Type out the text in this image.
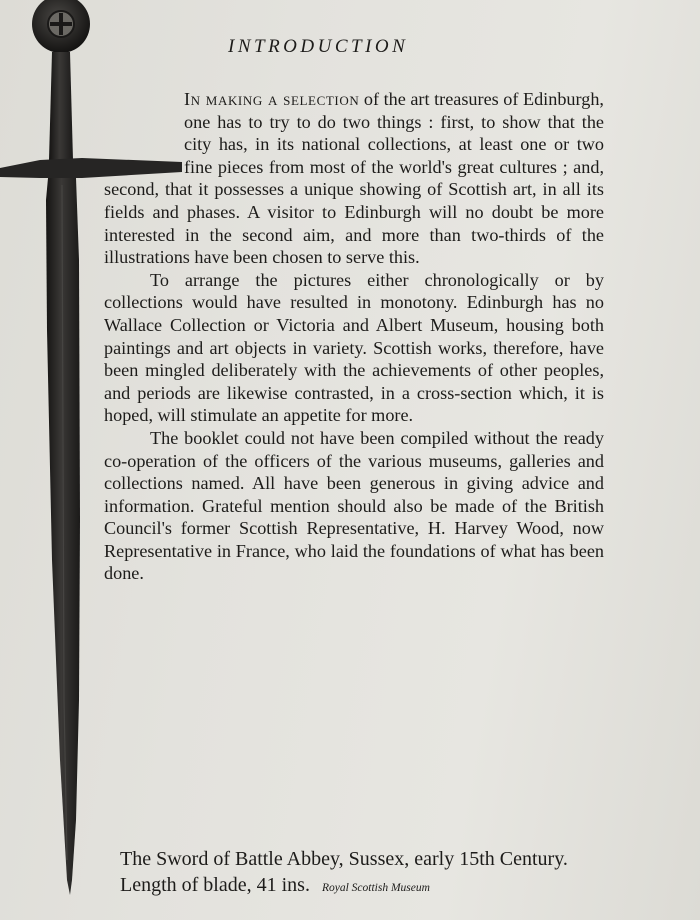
INTRODUCTION

In making a selection of the art treasures of Edinburgh, one has to try to do two things : first, to show that the city has, in its national collections, at least one or two fine pieces from most of the world's great cultures ; and, second, that it possesses a unique showing of Scottish art, in all its fields and phases. A visitor to Edinburgh will no doubt be more interested in the second aim, and more than two-thirds of the illustrations have been chosen to serve this.

To arrange the pictures either chronologically or by collections would have resulted in monotony. Edinburgh has no Wallace Collection or Victoria and Albert Museum, housing both paintings and art objects in variety. Scottish works, therefore, have been mingled deliberately with the achievements of other peoples, and periods are likewise contrasted, in a cross-section which, it is hoped, will stimulate an appetite for more.

The booklet could not have been compiled without the ready co-operation of the officers of the various museums, galleries and collections named. All have been generous in giving advice and information. Grateful mention should also be made of the British Council's former Scottish Representative, H. Harvey Wood, now Representative in France, who laid the foundations of what has been done.

The Sword of Battle Abbey, Sussex, early 15th Century.
Length of blade, 41 ins. Royal Scottish Museum
